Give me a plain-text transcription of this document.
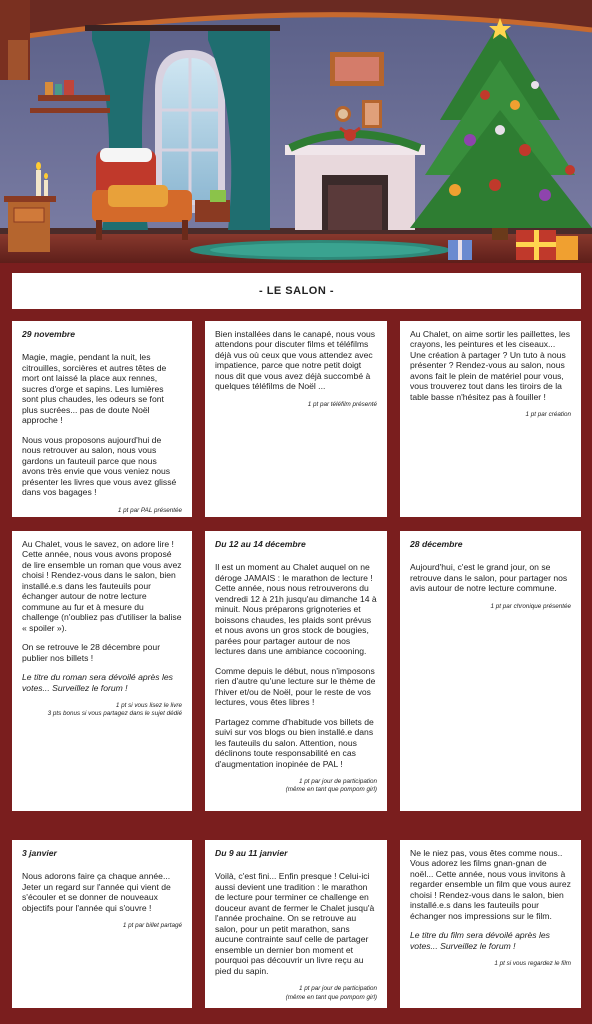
- LE SALON -

29 novembre

Magie, magie, pendant la nuit, les citrouilles, sorcières et autres têtes de mort ont laissé la place aux rennes, sucres d'orge et sapins. Les lumières sont plus chaudes, les odeurs se font plus sucrées... pas de doute Noël approche !

Nous vous proposons aujourd'hui de nous retrouver au salon, nous vous gardons un fauteuil parce que nous avons très envie que vous veniez nous présenter les livres que vous avez glissé dans vos bagages !

1 pt par PAL présentée

Bien installées dans le canapé, nous vous attendons pour discuter films et téléfilms déjà vus où ceux que vous attendez avec impatience, parce que notre petit doigt nous dit que vous avez déjà succombé à quelques téléfilms de Noël ...

1 pt par téléfilm présenté

Au Chalet, on aime sortir les paillettes, les crayons, les peintures et les ciseaux... Une création à partager ? Un tuto à nous présenter ? Rendez-vous au salon, nous avons fait le plein de matériel pour vous, vous trouverez tout dans les tiroirs de la table basse n'hésitez pas à fouiller !

1 pt par création

Au Chalet, vous le savez, on adore lire ! Cette année, nous vous avons proposé de lire ensemble un roman que vous avez choisi ! Rendez-vous dans le salon, bien installé.e.s dans les fauteuils pour échanger autour de notre lecture commune au fur et à mesure du challenge (n'oubliez pas d'utiliser la balise « spoiler »).

On se retrouve le 28 décembre pour publier nos billets !

Le titre du roman sera dévoilé après les votes... Surveillez le forum !

1 pt si vous lisez le livre

3 pts bonus si vous partagez dans le sujet dédié

Du 12 au 14 décembre

Il est un moment au Chalet auquel on ne déroge JAMAIS : le marathon de lecture ! Cette année, nous nous retrouverons du vendredi 12 à 21h jusqu'au dimanche 14 à minuit. Nous préparons grignoteries et boissons chaudes, les plaids sont prévus et nous avons un gros stock de bougies, parées pour partager autour de nos lectures dans une ambiance cocooning.

Comme depuis le début, nous n'imposons rien d'autre qu'une lecture sur le thème de l'hiver et/ou de Noël, pour le reste de vos lectures, vous êtes libres !

Partagez comme d'habitude vos billets de suivi sur vos blogs ou bien installé.e dans les fauteuils du salon. Attention, nous déclinons toute responsabilité en cas d'augmentation inopinée de PAL !

1 pt par jour de participation

(même en tant que pompom girl)

28 décembre

Aujourd'hui, c'est le grand jour, on se retrouve dans le salon, pour partager nos avis autour de notre lecture commune.

1 pt par chronique présentée

3 janvier

Nous adorons faire ça chaque année... Jeter un regard sur l'année qui vient de s'écouler et se donner de nouveaux objectifs pour l'année qui s'ouvre !

1 pt par billet partagé

Du 9 au 11 janvier

Voilà, c'est fini... Enfin presque ! Celui-ici aussi devient une tradition : le marathon de lecture pour terminer ce challenge en douceur avant de fermer le Chalet jusqu'à l'année prochaine. On se retrouve au salon, pour un petit marathon, sans aucune contrainte sauf celle de partager ensemble un dernier bon moment et pourquoi pas découvrir un livre reçu au pied du sapin.

1 pt par jour de participation

(même en tant que pompom girl)

Ne le niez pas, vous êtes comme nous.. Vous adorez les films gnan-gnan de noël... Cette année, nous vous invitons à regarder ensemble un film que vous aurez choisi ! Rendez-vous dans le salon, bien installé.e.s dans les fauteuils pour échanger nos impressions sur le film.

Le titre du film sera dévoilé après les votes... Surveillez le forum !

1 pt si vous regardez le film
